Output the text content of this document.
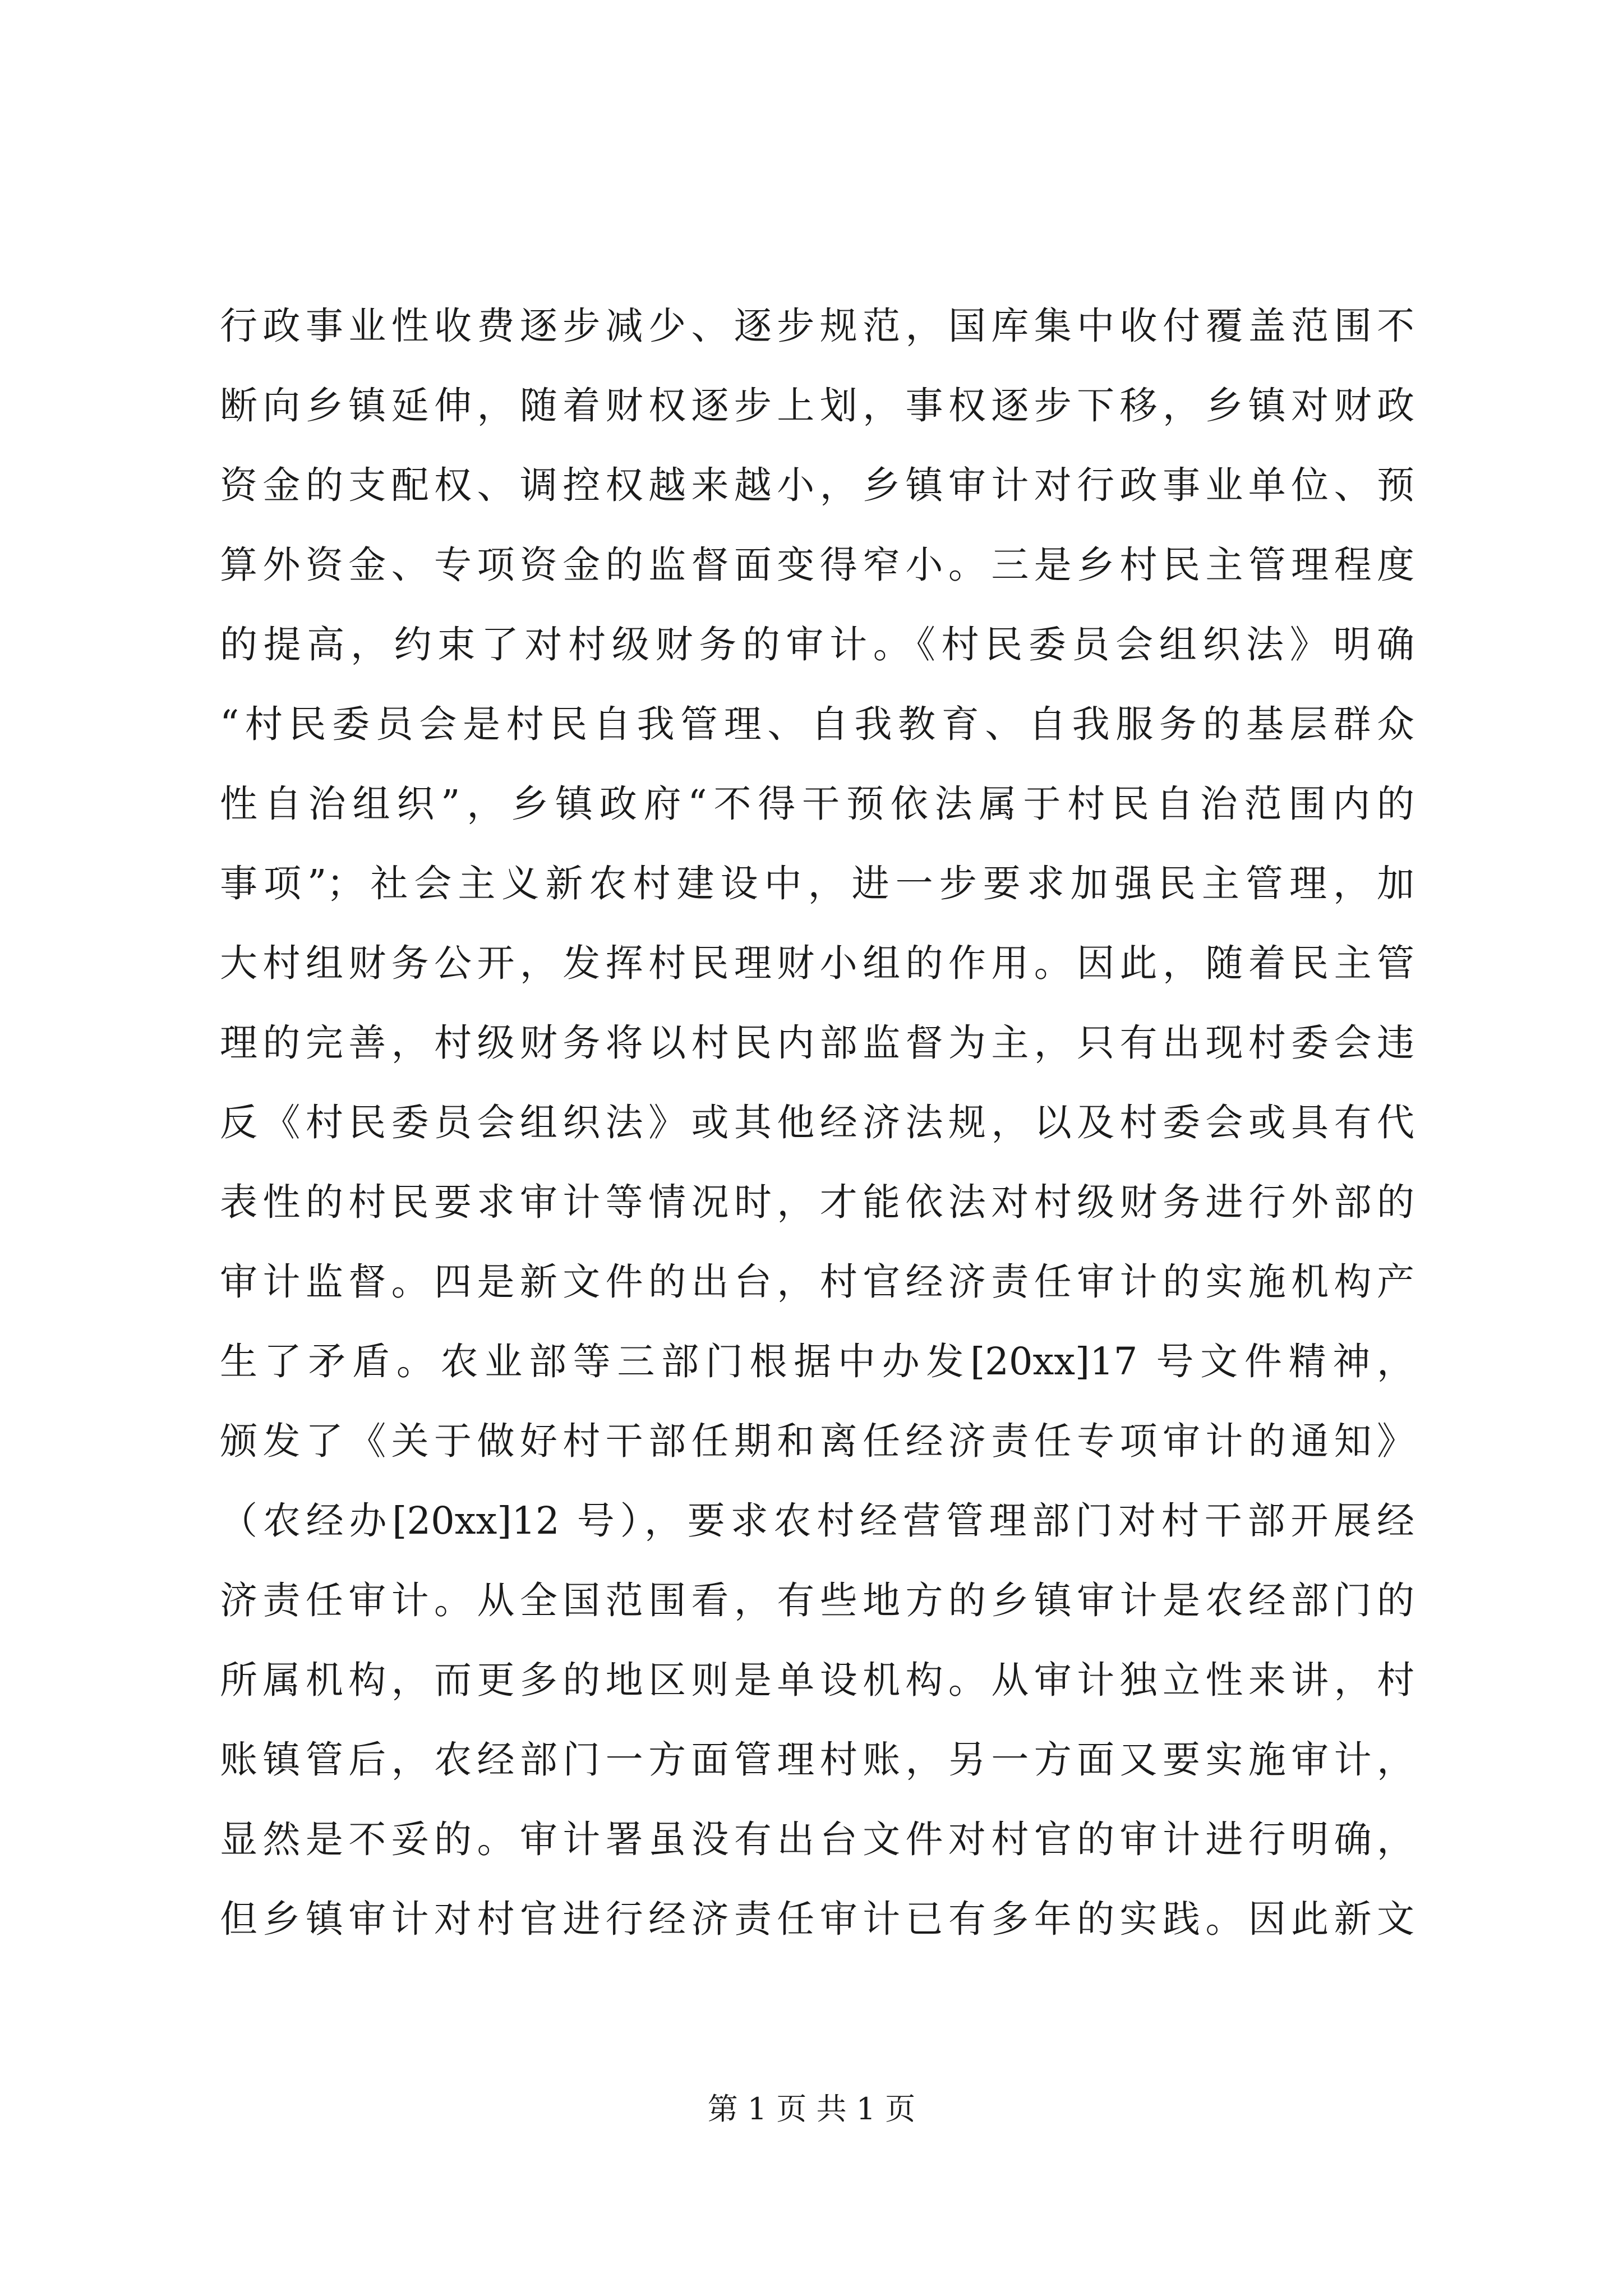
行政事业性收费逐步减少、逐步规范，国库集中收付覆盖范围不
断向乡镇延伸，随着财权逐步上划，事权逐步下移，乡镇对财政
资金的支配权、调控权越来越小，乡镇审计对行政事业单位、预
算外资金、专项资金的监督面变得窄小。三是乡村民主管理程度
的提高，约束了对村级财务的审计。《村民委员会组织法》明确
“村民委员会是村民自我管理、自我教育、自我服务的基层群众
性自治组织”，乡镇政府“不得干预依法属于村民自治范围内的
事项”；社会主义新农村建设中，进一步要求加强民主管理，加
大村组财务公开，发挥村民理财小组的作用。因此，随着民主管
理的完善，村级财务将以村民内部监督为主，只有出现村委会违
反《村民委员会组织法》或其他经济法规，以及村委会或具有代
表性的村民要求审计等情况时，才能依法对村级财务进行外部的
审计监督。四是新文件的出台，村官经济责任审计的实施机构产
生了矛盾。农业部等三部门根据中办发[20xx]17 号文件精神，
颁发了《关于做好村干部任期和离任经济责任专项审计的通知》
（农经办[20xx]12 号），要求农村经营管理部门对村干部开展经
济责任审计。从全国范围看，有些地方的乡镇审计是农经部门的
所属机构，而更多的地区则是单设机构。从审计独立性来讲，村
账镇管后，农经部门一方面管理村账，另一方面又要实施审计，
显然是不妥的。审计署虽没有出台文件对村官的审计进行明确，
但乡镇审计对村官进行经济责任审计已有多年的实践。因此新文
第 1 页 共 1 页
